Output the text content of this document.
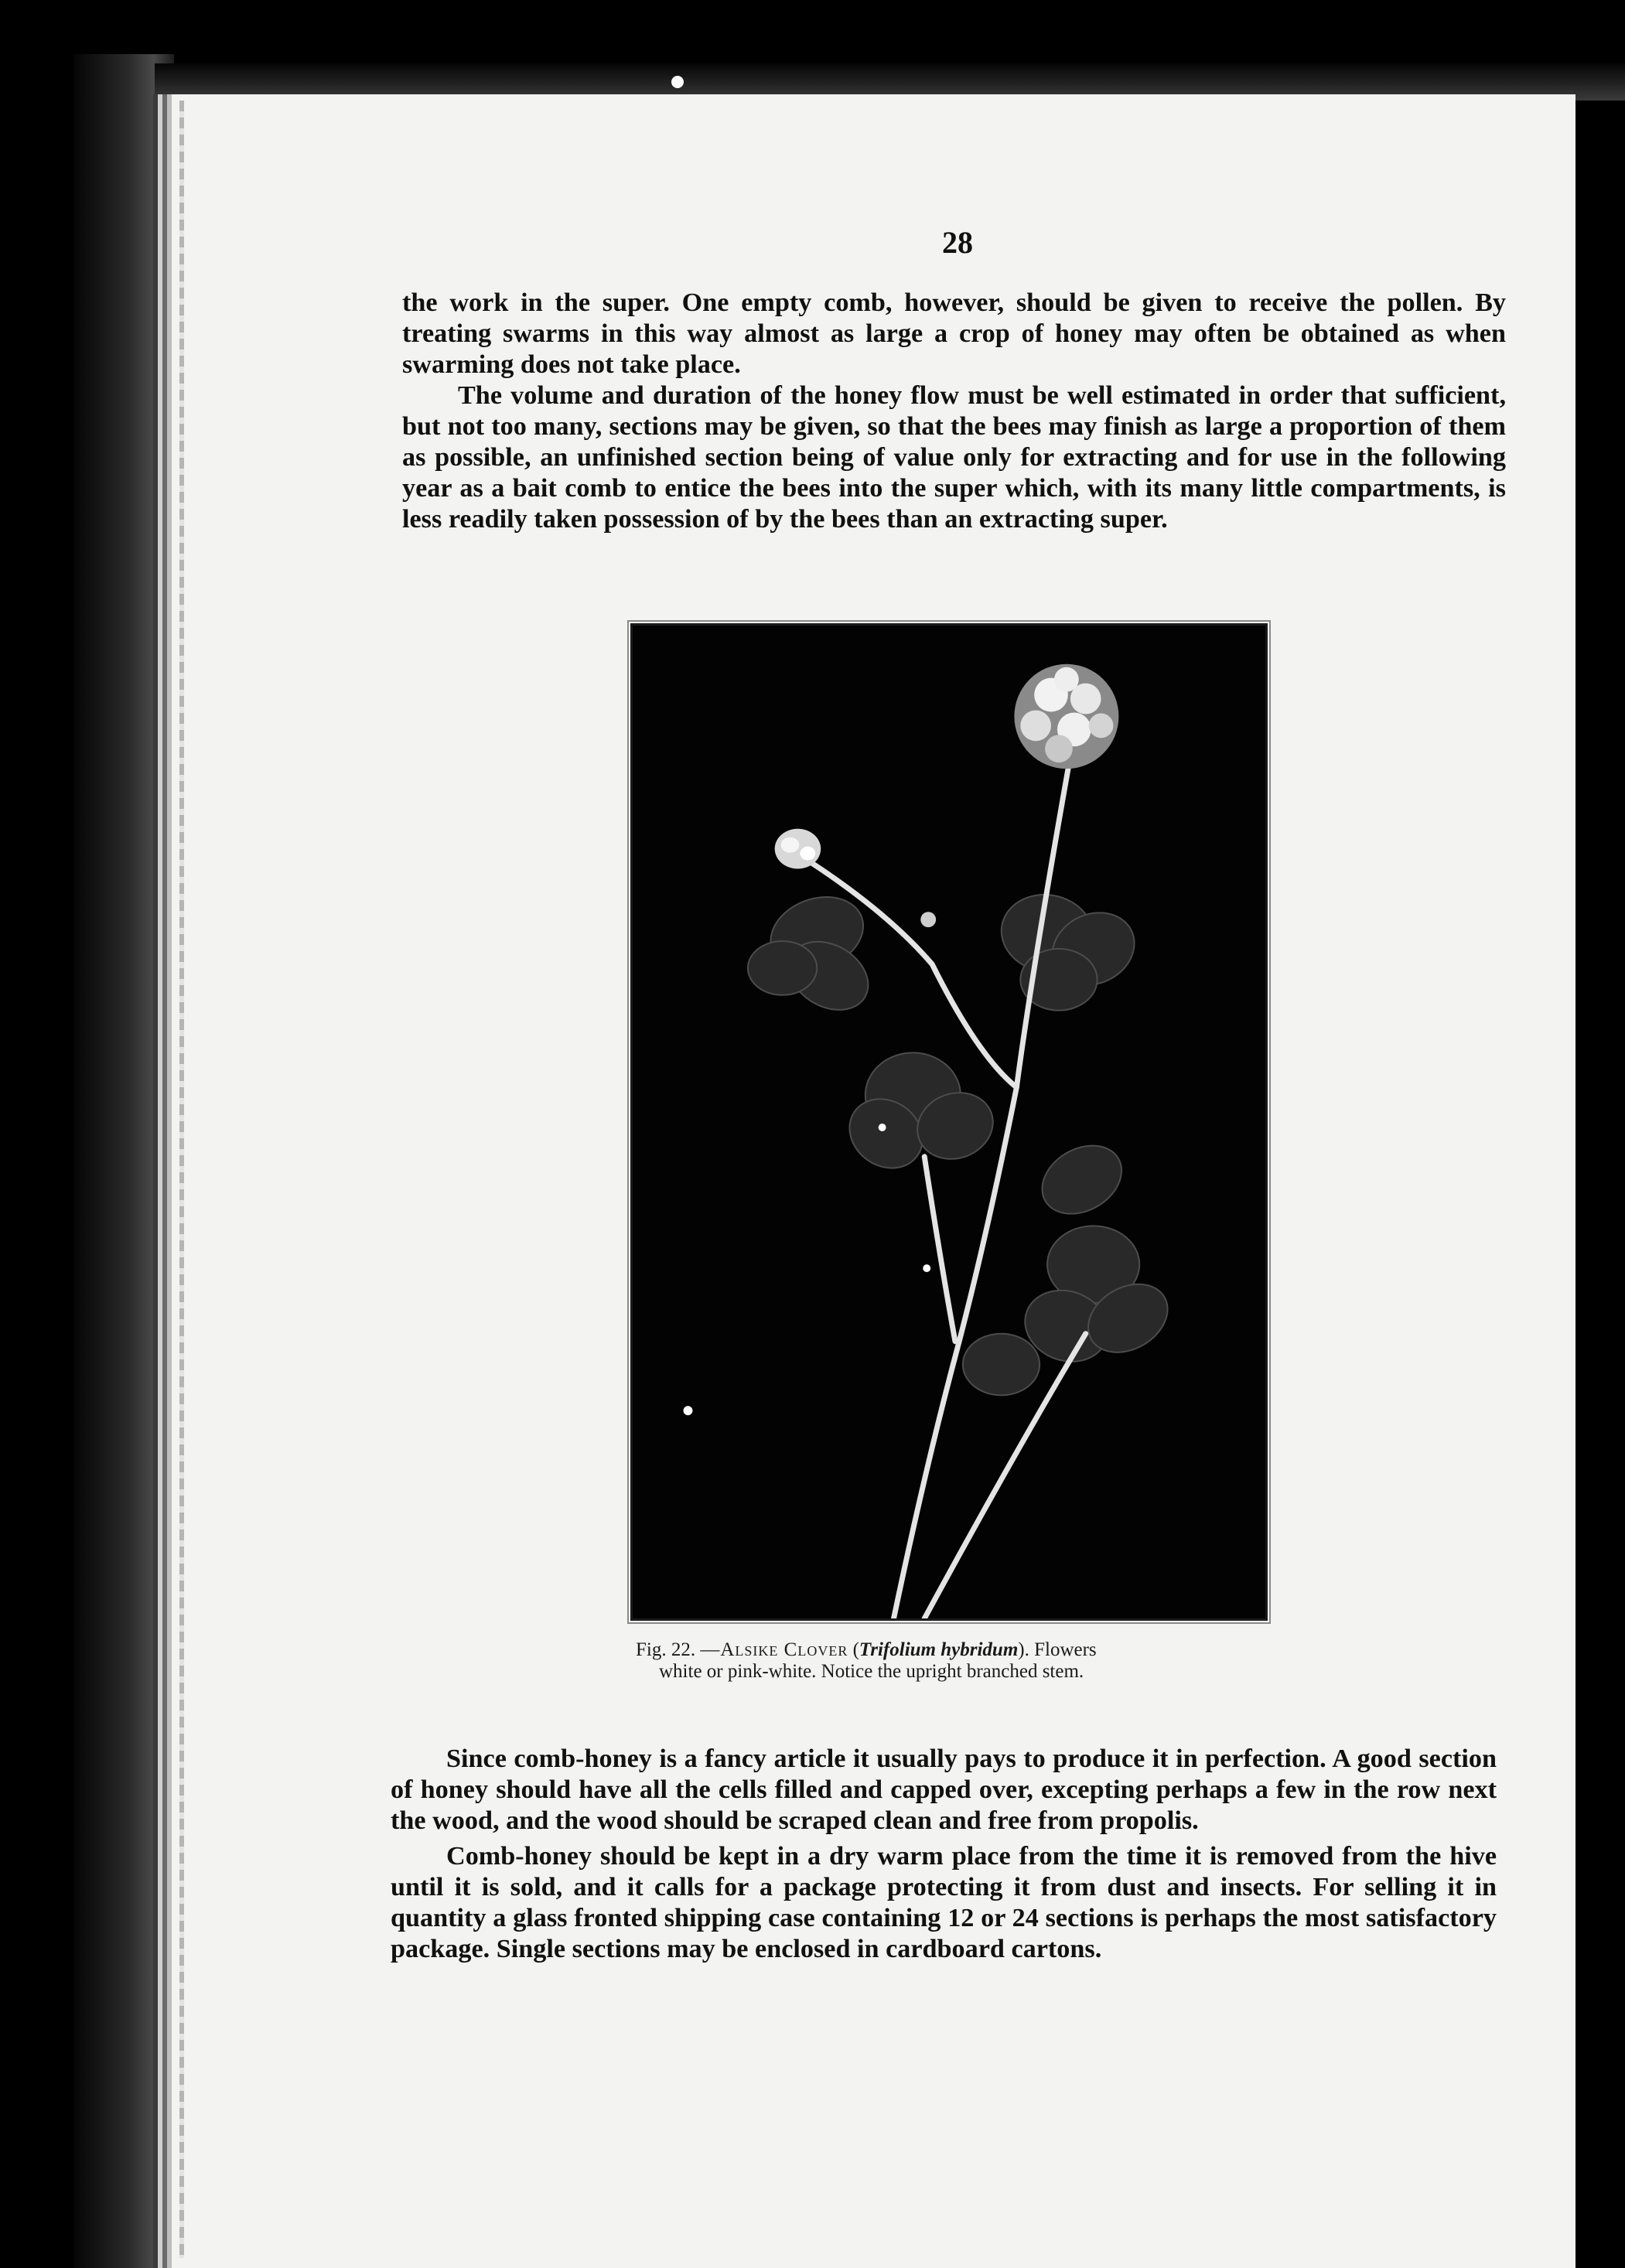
28

the work in the super. One empty comb, however, should be given to receive the pollen. By treating swarms in this way almost as large a crop of honey may often be obtained as when swarming does not take place.

The volume and duration of the honey flow must be well estimated in order that sufficient, but not too many, sections may be given, so that the bees may finish as large a proportion of them as possible, an unfinished section being of value only for extracting and for use in the following year as a bait comb to entice the bees into the super which, with its many little compartments, is less readily taken possession of by the bees than an extracting super.

Fig. 22. —Alsike Clover (Trifolium hybridum). Flowers
white or pink-white. Notice the upright branched stem.

Since comb-honey is a fancy article it usually pays to produce it in perfection. A good section of honey should have all the cells filled and capped over, excepting perhaps a few in the row next the wood, and the wood should be scraped clean and free from propolis.

Comb-honey should be kept in a dry warm place from the time it is removed from the hive until it is sold, and it calls for a package protecting it from dust and insects. For selling it in quantity a glass fronted shipping case containing 12 or 24 sections is perhaps the most satisfactory package. Single sections may be enclosed in cardboard cartons.
